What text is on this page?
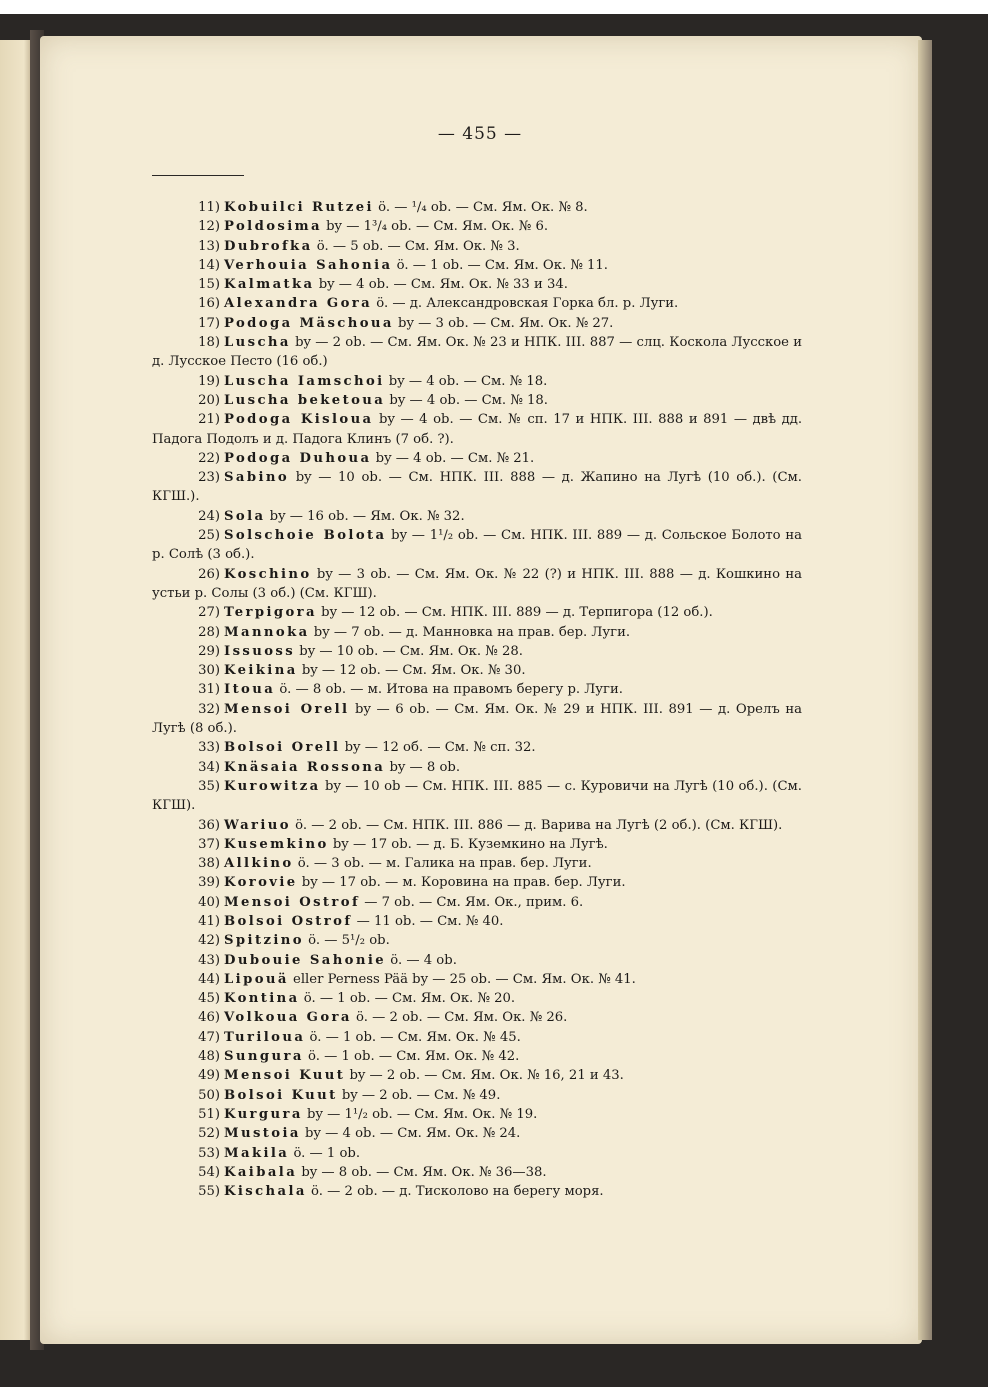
— 455 —

11) Kobuilci Rutzei ö. — ¹/₄ ob. — См. Ям. Ок. № 8.

12) Poldosima by — 1³/₄ ob. — См. Ям. Ок. № 6.

13) Dubrofka ö. — 5 ob. — См. Ям. Ок. № 3.

14) Verhouia Sahonia ö. — 1 ob. — См. Ям. Ок. № 11.

15) Kalmatka by — 4 ob. — См. Ям. Ок. № 33 и 34.

16) Alexandra Gora ö. — д. Александровская Горка бл. р. Луги.

17) Podoga Mäschoua by — 3 ob. — См. Ям. Ок. № 27.

18) Luscha by — 2 ob. — См. Ям. Ок. № 23 и НПК. III. 887 — слц. Коскола Лусское и д. Лусское Песто (16 об.)

19) Luscha Iamschoi by — 4 ob. — См. № 18.

20) Luscha beketoua by — 4 ob. — См. № 18.

21) Podoga Kisloua by — 4 ob. — См. № сп. 17 и НПК. III. 888 и 891 — двѣ дд. Падога Подолъ и д. Падога Клинъ (7 об. ?).

22) Podoga Duhoua by — 4 ob. — См. № 21.

23) Sabino by — 10 ob. — См. НПК. III. 888 — д. Жапино на Лугѣ (10 об.). (См. КГШ.).

24) Sola by — 16 ob. — Ям. Ок. № 32.

25) Solschoie Bolota by — 1¹/₂ ob. — См. НПК. III. 889 — д. Сольское Болото на р. Солѣ (3 об.).

26) Koschino by — 3 ob. — См. Ям. Ок. № 22 (?) и НПК. III. 888 — д. Кошкино на устьи р. Солы (3 об.) (См. КГШ).

27) Terpigora by — 12 ob. — См. НПК. III. 889 — д. Терпигора (12 об.).

28) Mannoka by — 7 ob. — д. Манновка на прав. бер. Луги.

29) Issuoss by — 10 ob. — См. Ям. Ок. № 28.

30) Keikina by — 12 ob. — См. Ям. Ок. № 30.

31) Itoua ö. — 8 ob. — м. Итова на правомъ берегу р. Луги.

32) Mensoi Orell by — 6 ob. — См. Ям. Ок. № 29 и НПК. III. 891 — д. Орелъ на Лугѣ (8 об.).

33) Bolsoi Orell by — 12 об. — См. № сп. 32.

34) Knäsaia Rossona by — 8 ob.

35) Kurowitza by — 10 ob — См. НПК. III. 885 — с. Куровичи на Лугѣ (10 об.). (См. КГШ).

36) Wariuo ö. — 2 ob. — См. НПК. III. 886 — д. Варива на Лугѣ (2 об.). (См. КГШ).

37) Kusemkino by — 17 ob. — д. Б. Куземкино на Лугѣ.

38) Allkino ö. — 3 ob. — м. Галика на прав. бер. Луги.

39) Korovie by — 17 ob. — м. Коровина на прав. бер. Луги.

40) Mensoi Ostrof — 7 ob. — См. Ям. Ок., прим. 6.

41) Bolsoi Ostrof — 11 ob. — См. № 40.

42) Spitzino ö. — 5¹/₂ ob.

43) Dubouie Sahonie ö. — 4 ob.

44) Lipouä eller Perness Pää by — 25 ob. — См. Ям. Ок. № 41.

45) Kontina ö. — 1 ob. — См. Ям. Ок. № 20.

46) Volkoua Gora ö. — 2 ob. — См. Ям. Ок. № 26.

47) Turiloua ö. — 1 ob. — См. Ям. Ок. № 45.

48) Sungura ö. — 1 ob. — См. Ям. Ок. № 42.

49) Mensoi Kuut by — 2 ob. — См. Ям. Ок. № 16, 21 и 43.

50) Bolsoi Kuut by — 2 ob. — См. № 49.

51) Kurgura by — 1¹/₂ ob. — См. Ям. Ок. № 19.

52) Mustoia by — 4 ob. — См. Ям. Ок. № 24.

53) Makila ö. — 1 ob.

54) Kaibala by — 8 ob. — См. Ям. Ок. № 36—38.

55) Kischala ö. — 2 ob. — д. Тисколово на берегу моря.
